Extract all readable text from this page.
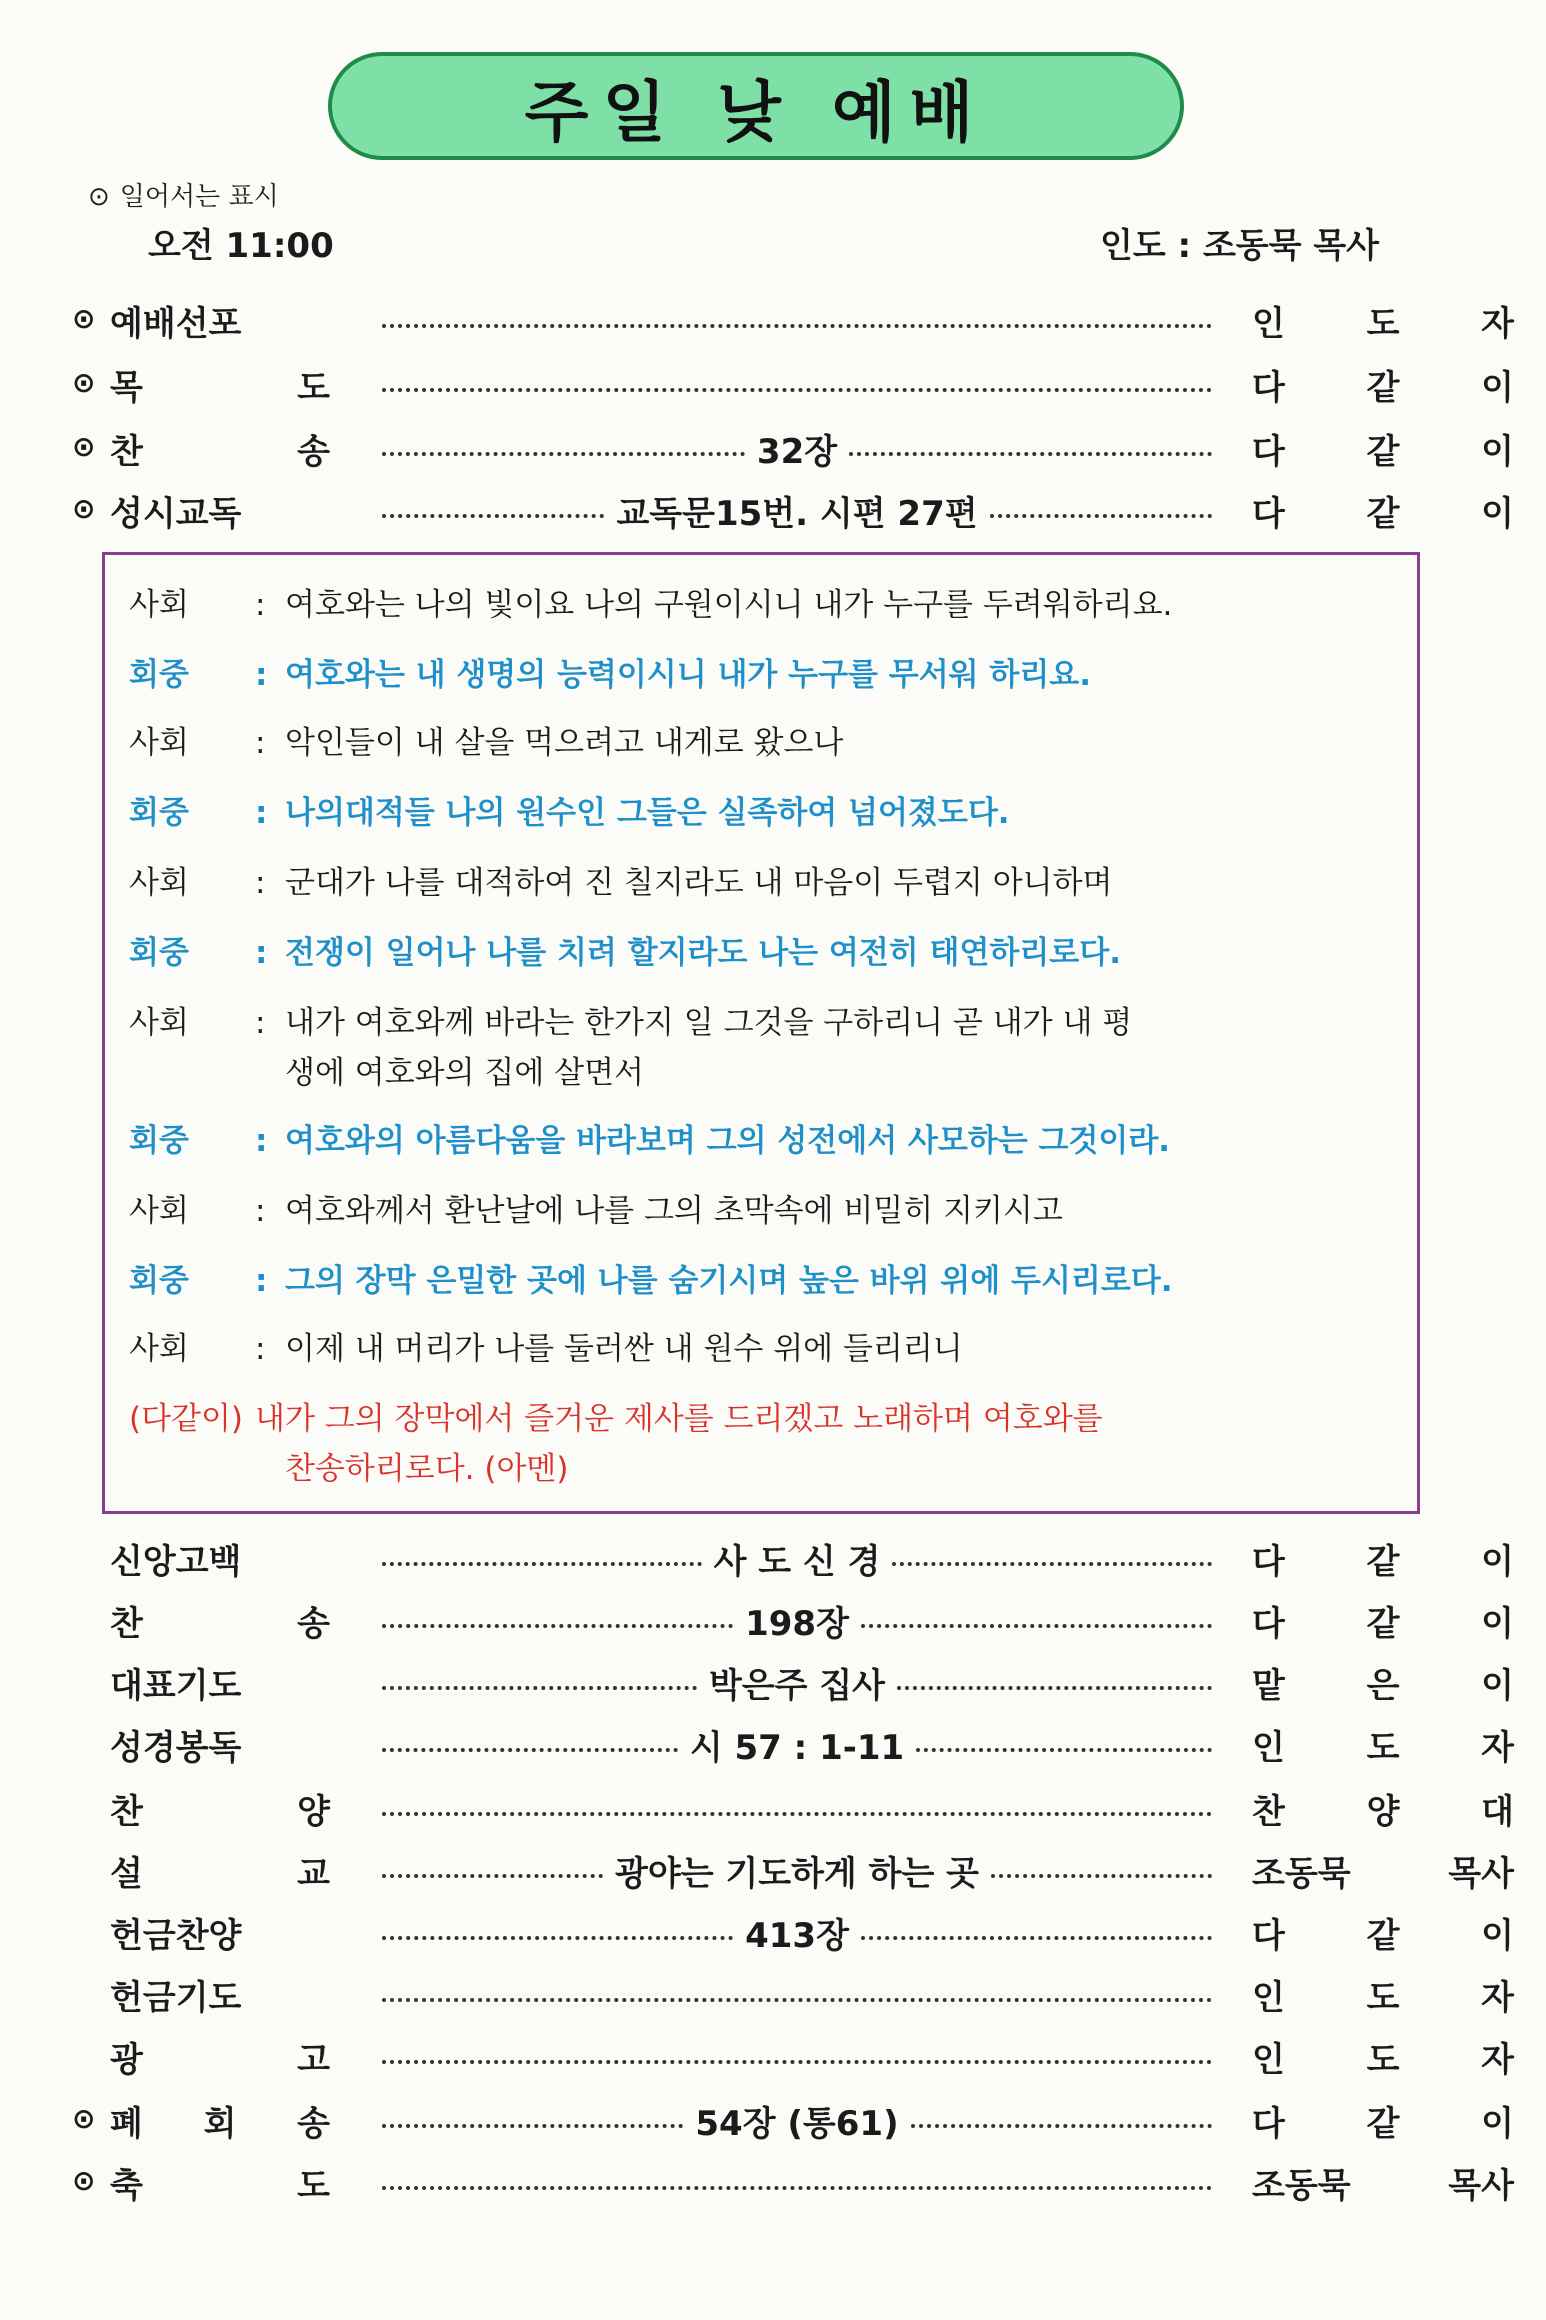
주일 낮 예배
⊙ 일어서는 표시
오전 11:00	인도 : 조동묵 목사
⊙ 예배선포	인 도 자
⊙ 목	도	다 같 이
⊙ 찬	송	32장	다 같 이
⊙ 성시교독	교독문15번. 시편 27편	다 같 이
사회 : 여호와는 나의 빛이요 나의 구원이시니 내가 누구를 두려워하리요.
회중 : 여호와는 내 생명의 능력이시니 내가 누구를 무서워 하리요.
사회 : 악인들이 내 살을 먹으려고 내게로 왔으나
회중 : 나의대적들 나의 원수인 그들은 실족하여 넘어졌도다.
사회 : 군대가 나를 대적하여 진 칠지라도 내 마음이 두렵지 아니하며
회중 : 전쟁이 일어나 나를 치려 할지라도 나는 여전히 태연하리로다.
사회 : 내가 여호와께 바라는 한가지 일 그것을 구하리니 곧 내가 내 평
생에 여호와의 집에 살면서
회중 : 여호와의 아름다움을 바라보며 그의 성전에서 사모하는 그것이라.
사회 : 여호와께서 환난날에 나를 그의 초막속에 비밀히 지키시고
회중 : 그의 장막 은밀한 곳에 나를 숨기시며 높은 바위 위에 두시리로다.
사회 : 이제 내 머리가 나를 둘러싼 내 원수 위에 들리리니
(다같이) 내가 그의 장막에서 즐거운 제사를 드리겠고 노래하며 여호와를
찬송하리로다. (아멘)
신앙고백	사 도 신 경	다 같 이
찬	송	198장	다 같 이
대표기도	박은주 집사	맡 은 이
성경봉독	시 57 : 1-11	인 도 자
찬	양	찬 양 대
설	교	광야는 기도하게 하는 곳	조동묵	목사
헌금찬양	413장	다 같 이
헌금기도	인 도 자
광	고	인 도 자
⊙ 폐 회 송	54장 (통61)	다 같 이
⊙ 축	도	조동묵	목사
